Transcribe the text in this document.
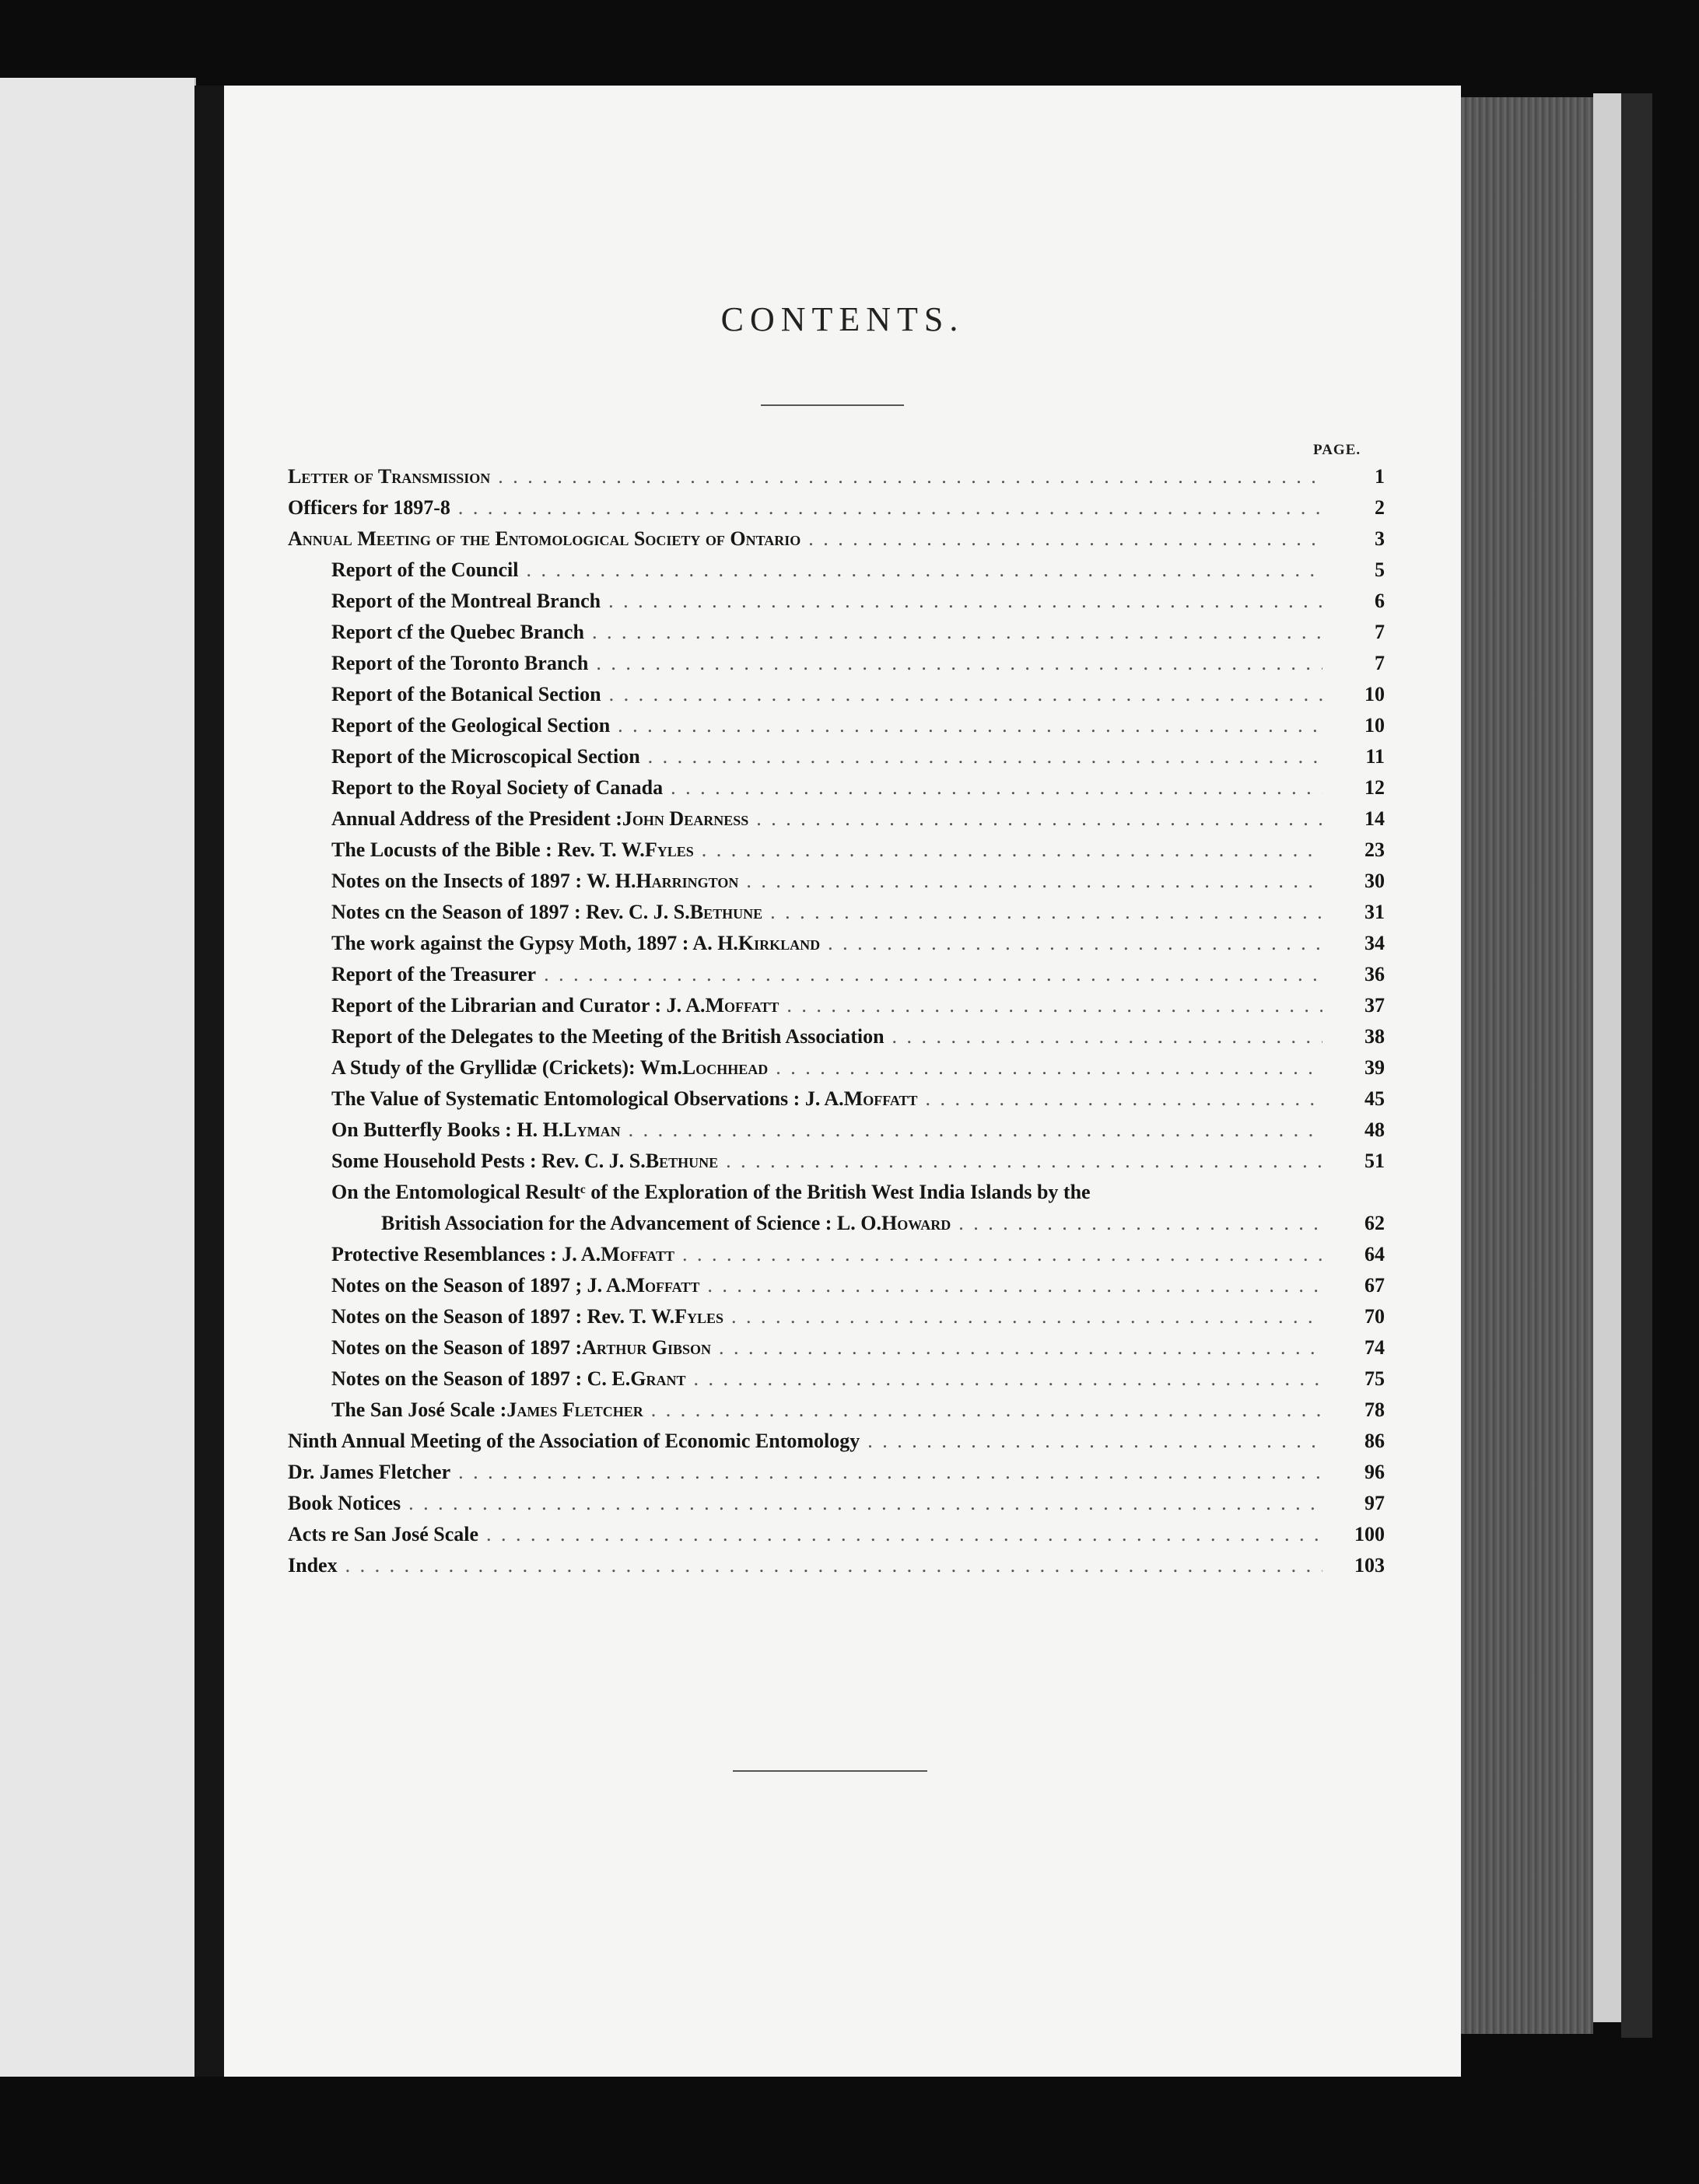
CONTENTS.
PAGE.
Letter of Transmission . . .	1
Officers for 1897-8 . . .	2
Annual Meeting of the Entomological Society of Ontario . . .	3
Report of the Council . . .	5
Report of the Montreal Branch . . .	6
Report cf the Quebec Branch . . .	7
Report of the Toronto Branch . . .	7
Report of the Botanical Section . . .	10
Report of the Geological Section . . .	10
Report of the Microscopical Section . . .	11
Report to the Royal Society of Canada . . .	12
Annual Address of the President : John Dearness . . .	14
The Locusts of the Bible : Rev. T. W. Fyles . . .	23
Notes on the Insects of 1897 : W. H. Harrington . . .	30
Notes cn the Season of 1897 : Rev. C. J. S. Bethune . . .	31
The work against the Gypsy Moth, 1897 : A. H. Kirkland . . .	34
Report of the Treasurer . . .	36
Report of the Librarian and Curator : J. A. Moffatt . . .	37
Report of the Delegates to the Meeting of the British Association . . .	38
A Study of the Gryllidæ (Crickets): Wm. Lochhead . . .	39
The Value of Systematic Entomological Observations : J. A. Moffatt . . .	45
On Butterfly Books : H. H. Lyman . . .	48
Some Household Pests : Rev. C. J. S. Bethune . . .	51
On the Entomological Resultᶜ of the Exploration of the British West India Islands by the
British Association for the Advancement of Science : L. O. Howard . . .	62
Protective Resemblances : J. A. Moffatt . . .	64
Notes on the Season of 1897 ; J. A. Moffatt . . .	67
Notes on the Season of 1897 : Rev. T. W. Fyles . . .	70
Notes on the Season of 1897 : Arthur Gibson . . .	74
Notes on the Season of 1897 : C. E. Grant . . .	75
The San José Scale : James Fletcher . . .	78
Ninth Annual Meeting of the Association of Economic Entomology . . .	86
Dr. James Fletcher . . .	96
Book Notices . . .	97
Acts re San José Scale . . .	100
Index . . .	103
